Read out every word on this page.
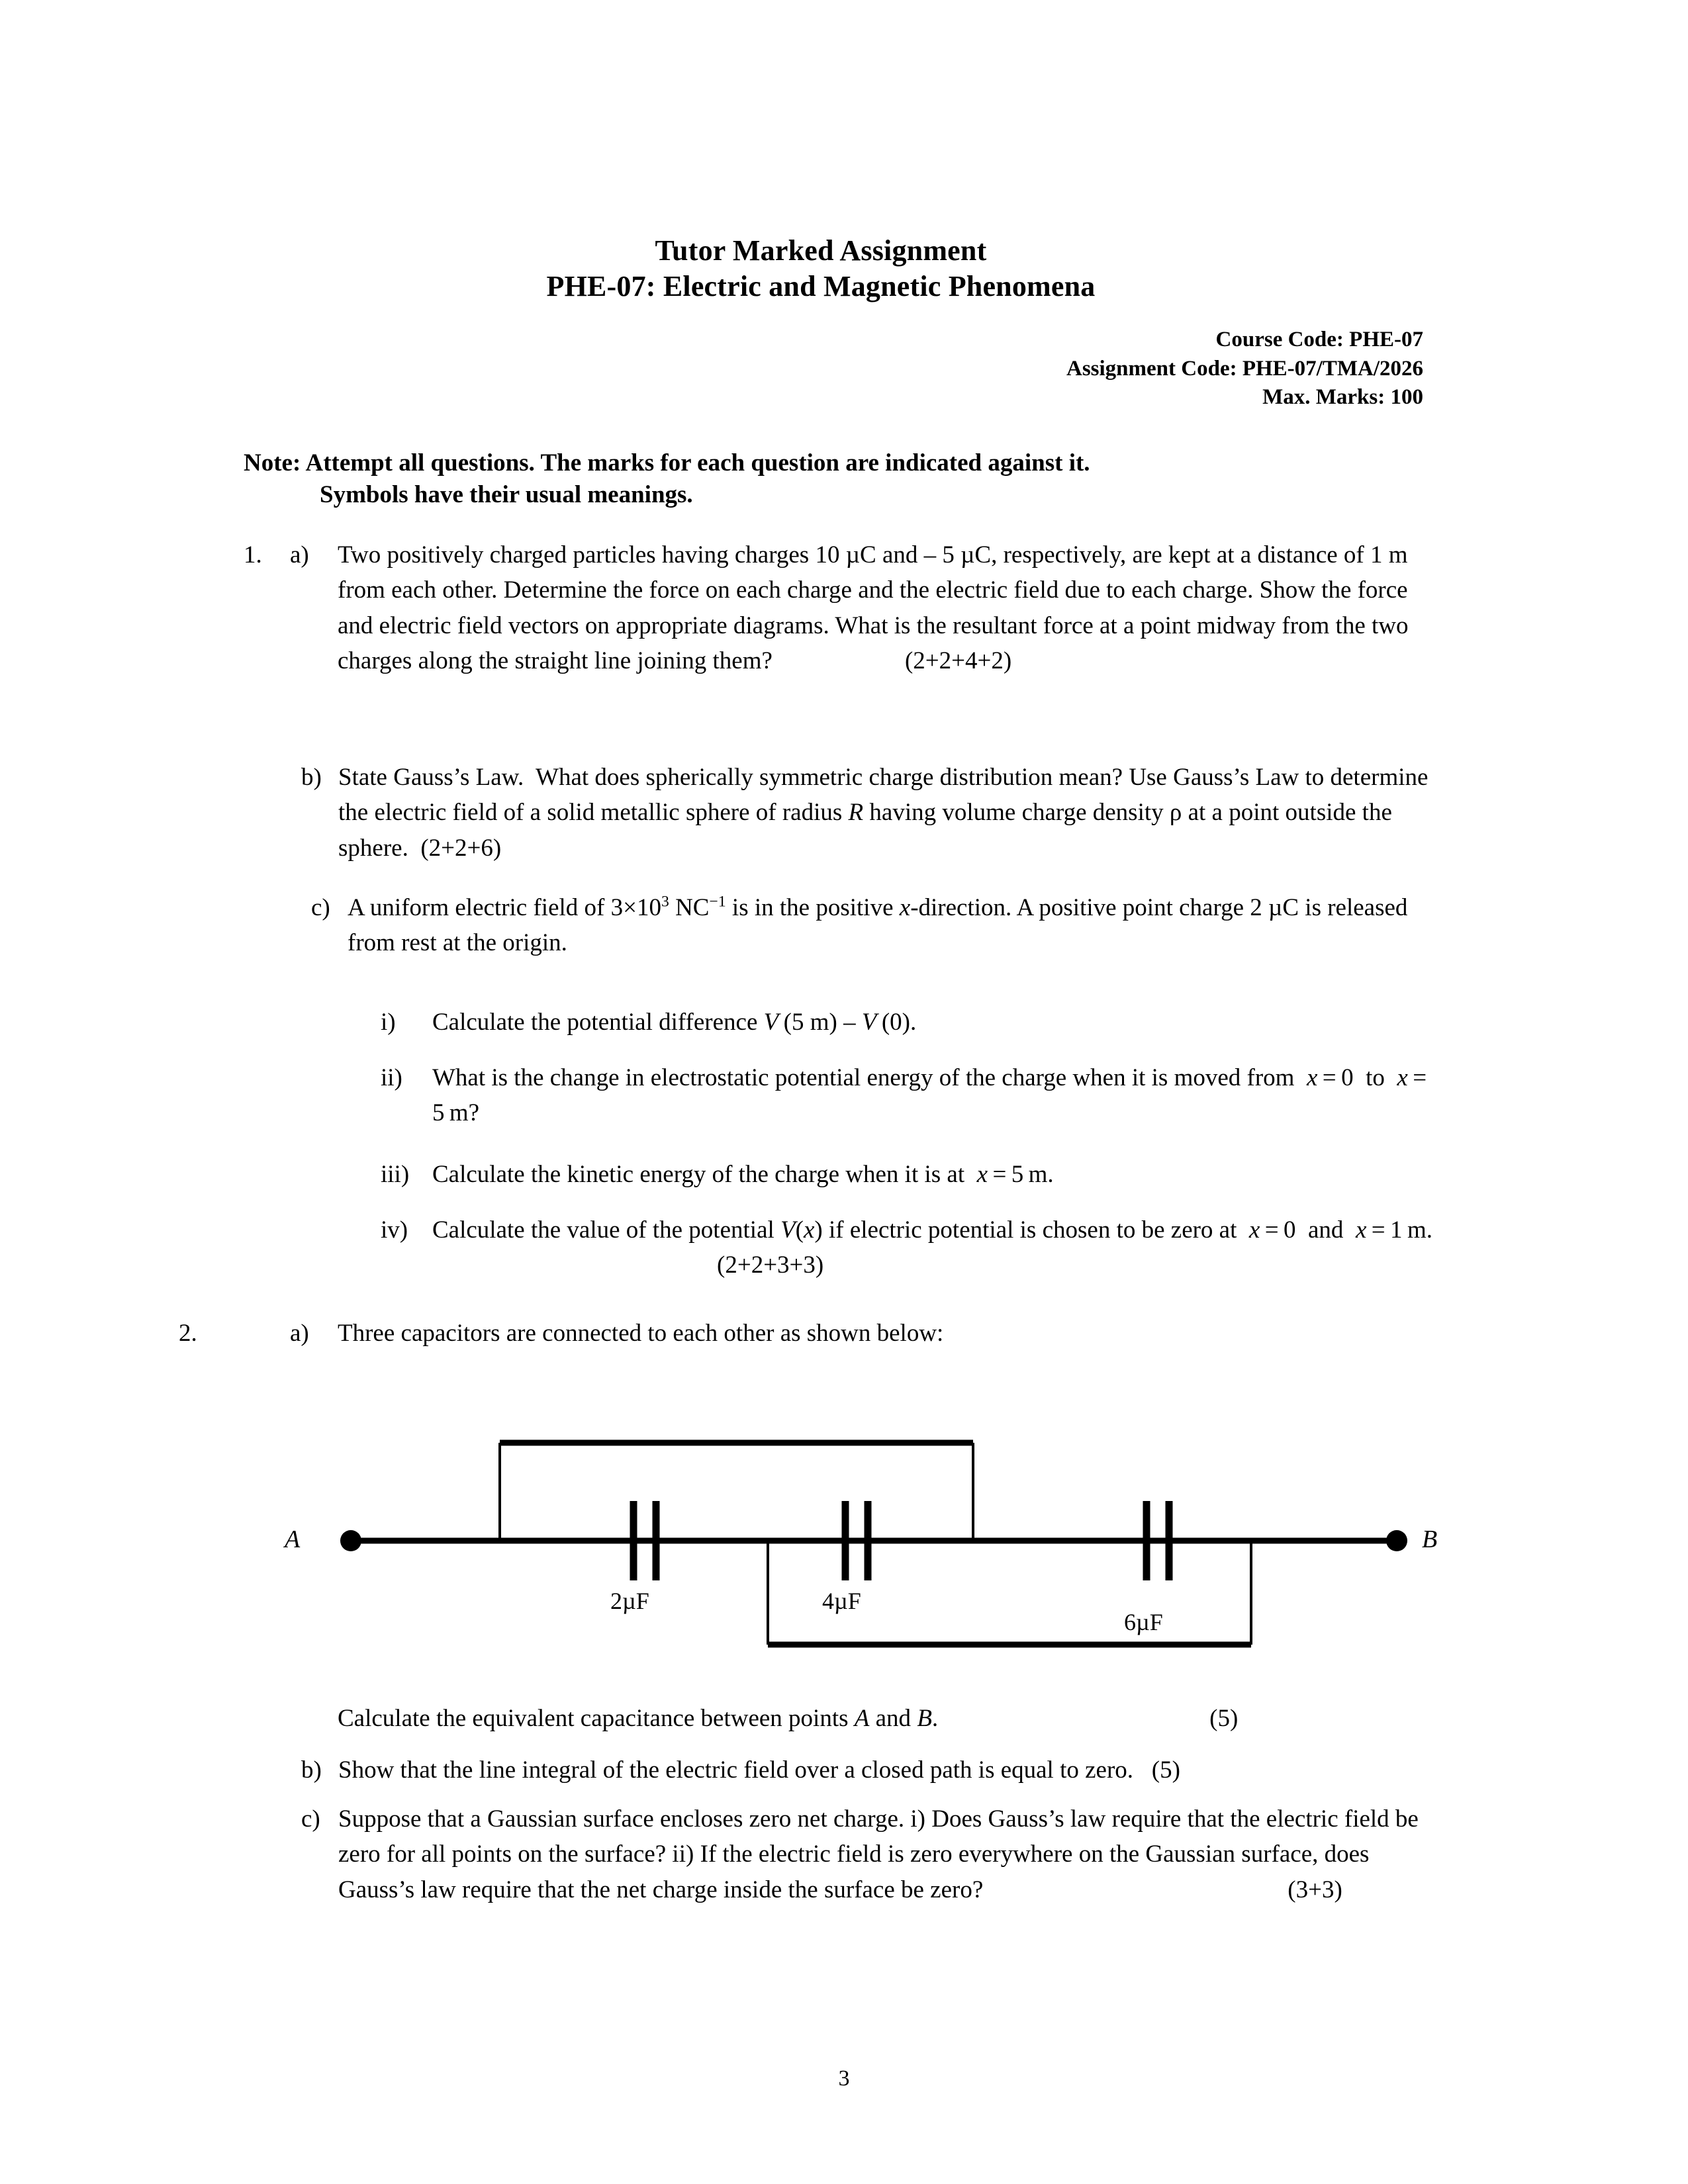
Tutor Marked Assignment
PHE-07: Electric and Magnetic Phenomena
Course Code: PHE-07
Assignment Code: PHE-07/TMA/2026
Max. Marks: 100
Note: Attempt all questions. The marks for each question are indicated against it.
Symbols have their usual meanings.
1.	a)	Two positively charged particles having charges 10 µC and – 5 µC, respectively, are kept at a distance of 1 m from each other. Determine the force on each charge and the electric field due to each charge. Show the force and electric field vectors on appropriate diagrams. What is the resultant force at a point midway from the two charges along the straight line joining them?	(2+2+4+2)
b) State Gauss’s Law.  What does spherically symmetric charge distribution mean? Use Gauss’s Law to determine the electric field of a solid metallic sphere of radius R having volume charge density ρ at a point outside the sphere.  (2+2+6)
c) A uniform electric field of $3\times 10^3$ $NC^{-1}$ is in the positive x-direction. A positive point charge 2 µC is released from rest at the origin.
i)	Calculate the potential difference V (5 m) – V (0).
ii)	What is the change in electrostatic potential energy of the charge when it is moved from  x = 0  to  x = 5 m?
iii) Calculate the kinetic energy of the charge when it is at  x = 5 m.
iv) Calculate the value of the potential V(x) if electric potential is chosen to be zero at  x = 0  and  x = 1 m.(2+2+3+3)
2.	a)	Three capacitors are connected to each other as shown below:
A	B
2µF	4µF
6µF
Calculate the equivalent capacitance between points A and B.	(5)
b) Show that the line integral of the electric field over a closed path is equal to zero.   (5)
c) Suppose that a Gaussian surface encloses zero net charge. i) Does Gauss’s law require that the electric field be zero for all points on the surface? ii) If the electric field is zero everywhere on the Gaussian surface, does Gauss’s law require that the net charge inside the surface be zero?	(3+3)
3
